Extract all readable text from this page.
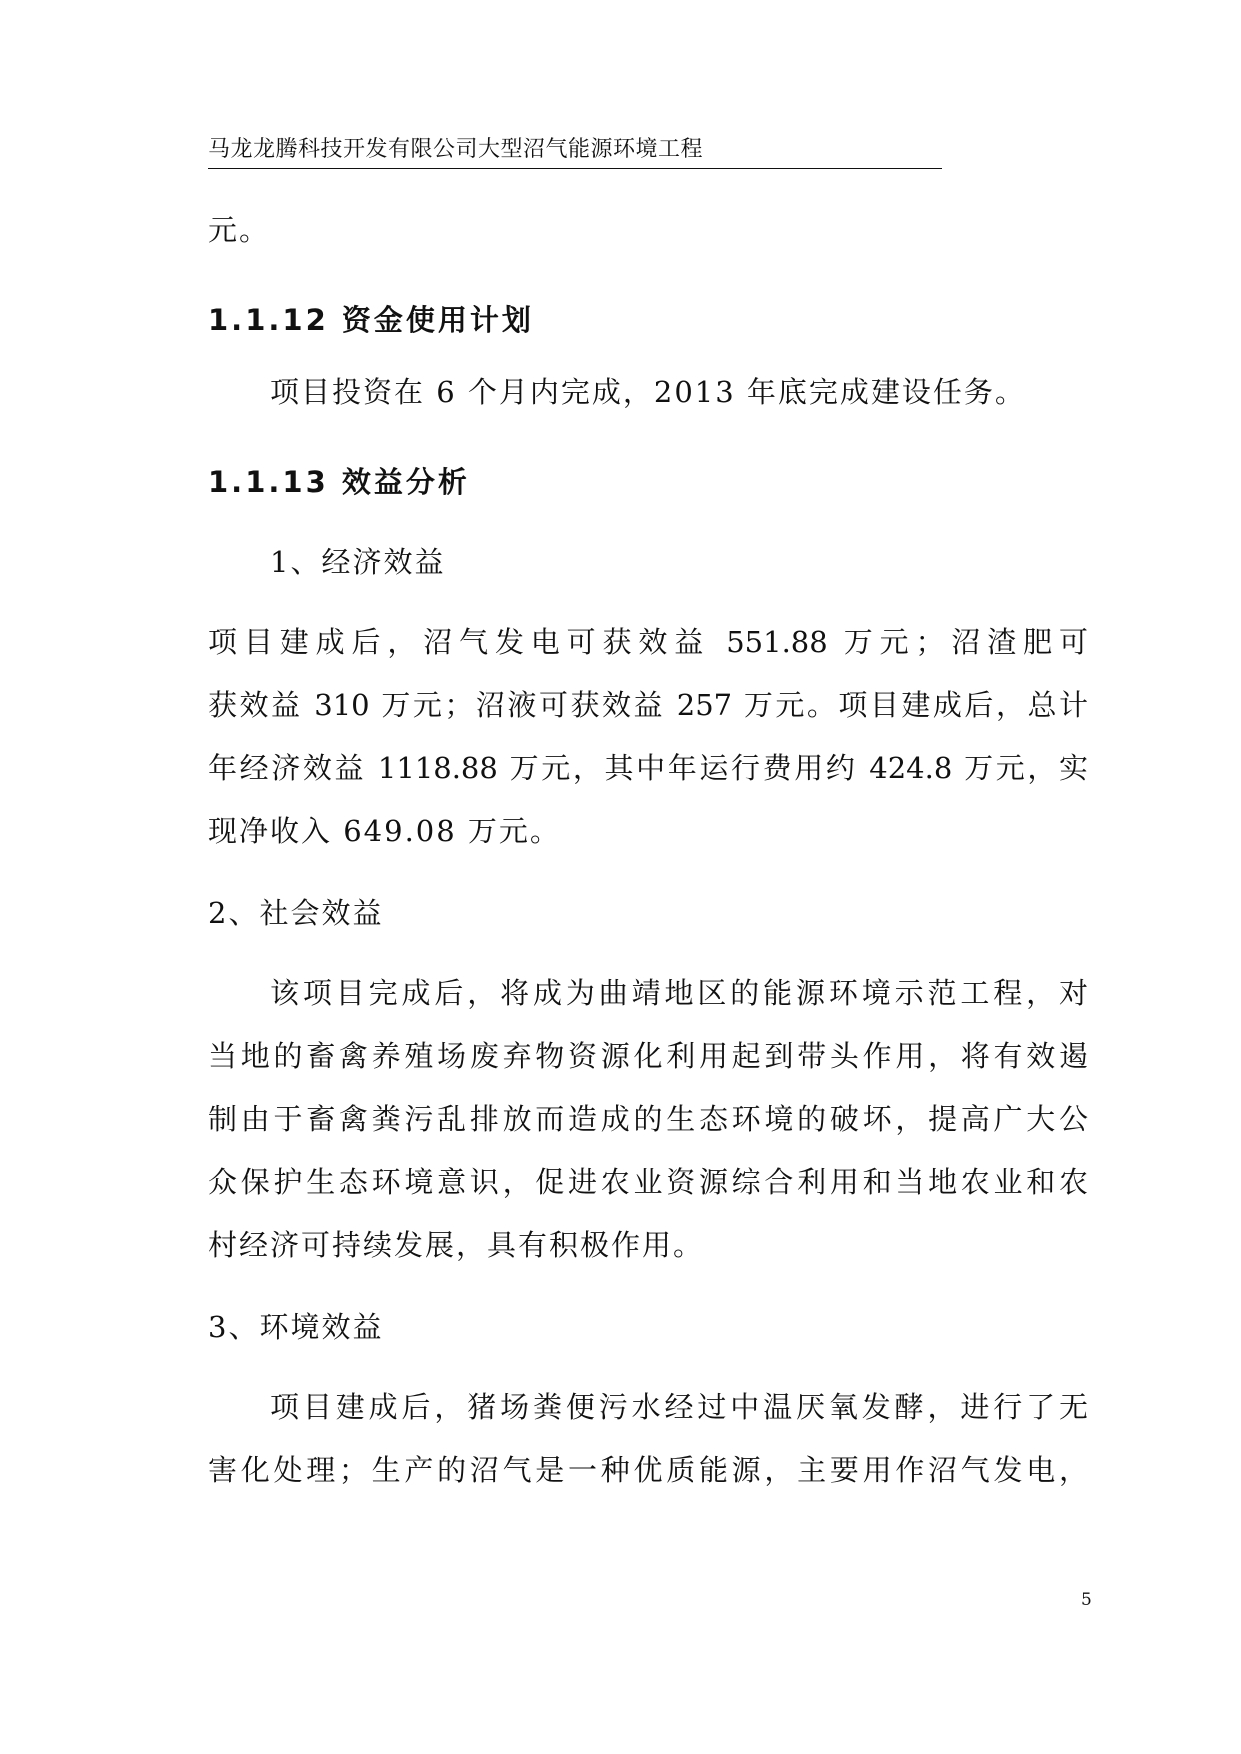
马龙龙腾科技开发有限公司大型沼气能源环境工程
元。
1.1.12 资金使用计划
项目投资在 6 个月内完成，2013 年底完成建设任务。
1.1.13 效益分析
1、经济效益
项目建成后，沼气发电可获效益 551.88 万元；沼渣肥可
获效益 310 万元；沼液可获效益 257 万元。项目建成后，总计
年经济效益 1118.88 万元，其中年运行费用约 424.8 万元，实
现净收入 649.08 万元。
2、社会效益
该项目完成后，将成为曲靖地区的能源环境示范工程，对
当地的畜禽养殖场废弃物资源化利用起到带头作用，将有效遏
制由于畜禽粪污乱排放而造成的生态环境的破坏，提高广大公
众保护生态环境意识，促进农业资源综合利用和当地农业和农
村经济可持续发展，具有积极作用。
3、环境效益
项目建成后，猪场粪便污水经过中温厌氧发酵，进行了无
害化处理；生产的沼气是一种优质能源，主要用作沼气发电，
5
